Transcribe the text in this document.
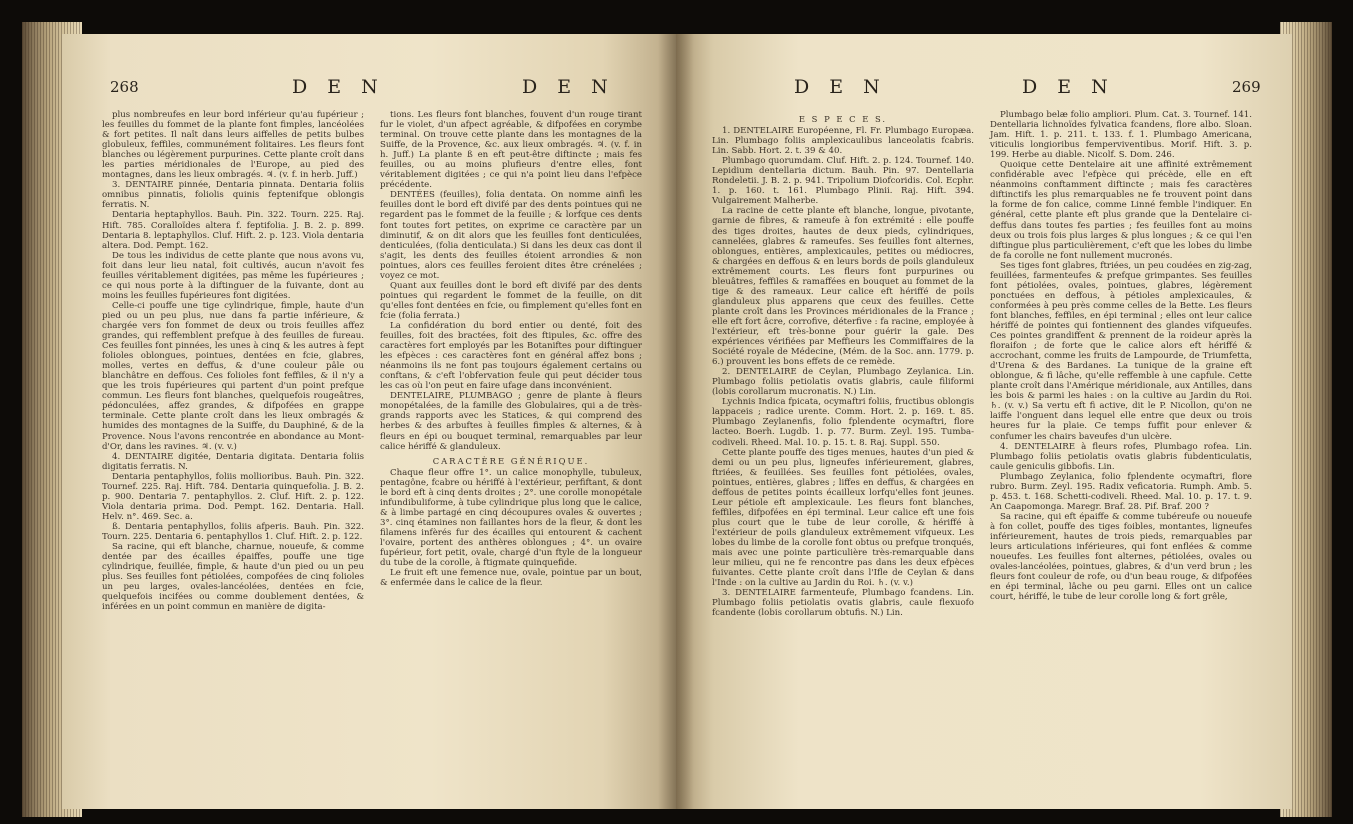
268	D E N	D E N

plus nombreufes en leur bord inférieur qu'au fupérieur ; les feuilles du fommet de la plante font fimples, lancéolées & fort petites. Il naît dans leurs aiffelles de petits bulbes globuleux, feffiles, communément folitaires. Les fleurs font blanches ou légèrement purpurines. Cette plante croît dans les parties méridionales de l'Europe, au pied des montagnes, dans les lieux ombragés. ♃. (v. f. in herb. Juff.)

3. DENTAIRE pinnée, Dentaria pinnata. Dentaria foliis omnibus pinnatis, foliolis quinis feptenifque oblongis ferratis. N.

Dentaria heptaphyllos. Bauh. Pin. 322. Tourn. 225. Raj. Hift. 785. Coralloïdes altera f. feptifolia. J. B. 2. p. 899. Dentaria 8. leptaphyllos. Cluf. Hift. 2. p. 123. Viola dentaria altera. Dod. Pempt. 162.

De tous les individus de cette plante que nous avons vu, foit dans leur lieu natal, foit cultivés, aucun n'avoit fes feuilles véritablement digitées, pas même les fupérieures ; ce qui nous porte à la diftinguer de la fuivante, dont au moins les feuilles fupérieures font digitées.

Celle-ci pouffe une tige cylindrique, fimple, haute d'un pied ou un peu plus, nue dans fa partie inférieure, & chargée vers fon fommet de deux ou trois feuilles affez grandes, qui reffemblent prefque à des feuilles de fureau. Ces feuilles font pinnées, les unes à cinq & les autres à fept folioles oblongues, pointues, dentées en fcie, glabres, molles, vertes en deffus, & d'une couleur pâle ou blanchâtre en deffous. Ces folioles font feffiles, & il n'y a que les trois fupérieures qui partent d'un point prefque commun. Les fleurs font blanches, quelquefois rougeâtres, pédonculées, affez grandes, & difpofées en grappe terminale. Cette plante croît dans les lieux ombragés & humides des montagnes de la Suiffe, du Dauphiné, & de la Provence. Nous l'avons rencontrée en abondance au Mont-d'Or, dans les ravines. ♃. (v. v.)

4. DENTAIRE digitée, Dentaria digitata. Dentaria foliis digitatis ferratis. N.

Dentaria pentaphyllos, foliis mollioribus. Bauh. Pin. 322. Tournef. 225. Raj. Hift. 784. Dentaria quinquefolia. J. B. 2. p. 900. Dentaria 7. pentaphyllos. 2. Cluf. Hift. 2. p. 122. Viola dentaria prima. Dod. Pempt. 162. Dentaria. Hall. Helv. n°. 469. Sec. a.

ß. Dentaria pentaphyllos, foliis afperis. Bauh. Pin. 322. Tourn. 225. Dentaria 6. pentaphyllos 1. Cluf. Hift. 2. p. 122.

Sa racine, qui eft blanche, charnue, noueufe, & comme dentée par des écailles épaiffes, pouffe une tige cylindrique, feuillée, fimple, & haute d'un pied ou un peu plus. Ses feuilles font pétiolées, compofées de cinq folioles un peu larges, ovales-lancéolées, dentées en fcie, quelquefois incifées ou comme doublement dentées, & inférées en un point commun en manière de digita-

tions. Les fleurs font blanches, fouvent d'un rouge tirant fur le violet, d'un afpect agréable, & difpofées en corymbe terminal. On trouve cette plante dans les montagnes de la Suiffe, de la Provence, &c. aux lieux ombragés. ♃. (v. f. in h. Juff.) La plante ß en eft peut-être diftincte ; mais fes feuilles, ou au moins plufieurs d'entre elles, font véritablement digitées ; ce qui n'a point lieu dans l'efpèce précédente.

DENTÉES (feuilles), folia dentata. On nomme ainfi les feuilles dont le bord eft divifé par des dents pointues qui ne regardent pas le fommet de la feuille ; & lorfque ces dents font toutes fort petites, on exprime ce caractère par un diminutif, & on dit alors que les feuilles font denticulées, denticulées, (folia denticulata.) Si dans les deux cas dont il s'agit, les dents des feuilles étoient arrondies & non pointues, alors ces feuilles feroient dites être crénelées ; voyez ce mot.

Quant aux feuilles dont le bord eft divifé par des dents pointues qui regardent le fommet de la feuille, on dit qu'elles font dentées en fcie, ou fimplement qu'elles font en fcie (folia ferrata.)

La confidération du bord entier ou denté, foit des feuilles, foit des bractées, foit des ftipules, &c. offre des caractères fort employés par les Botaniftes pour diftinguer les efpèces : ces caractères font en général affez bons ; néanmoins ils ne font pas toujours également certains ou conftans, & c'eft l'obfervation feule qui peut décider tous les cas où l'on peut en faire ufage dans inconvénient.

DENTELAIRE, PLUMBAGO ; genre de plante à fleurs monopétalées, de la famille des Globulaires, qui a de très-grands rapports avec les Statices, & qui comprend des herbes & des arbuftes à feuilles fimples & alternes, & à fleurs en épi ou bouquet terminal, remarquables par leur calice hériffé & glanduleux.

CARACTÈRE GÉNÉRIQUE.

Chaque fleur offre 1°. un calice monophylle, tubuleux, pentagône, fcabre ou hériffé à l'extérieur, perfiftant, & dont le bord eft à cinq dents droites ; 2°. une corolle monopétale infundibuliforme, à tube cylindrique plus long que le calice, & à limbe partagé en cinq découpures ovales & ouvertes ; 3°. cinq étamines non faillantes hors de la fleur, & dont les filamens infèrés fur des écailles qui entourent & cachent l'ovaire, portent des anthères oblongues ; 4°. un ovaire fupérieur, fort petit, ovale, chargé d'un ftyle de la longueur du tube de la corolle, à ftigmate quinquefide.

Le fruit eft une femence nue, ovale, pointue par un bout, & enfermée dans le calice de la fleur.

D E N	D E N	269

E S P E C E S.

1. DENTELAIRE Européenne, Fl. Fr. Plumbago Europæa. Lin. Plumbago foliis amplexicaulibus lanceolatis fcabris. Lin. Sabb. Hort. 2. t. 39 & 40.

Plumbago quorumdam. Cluf. Hift. 2. p. 124. Tournef. 140. Lepidium dentellaria dictum. Bauh. Pin. 97. Dentellaria Rondeletii. J. B. 2. p. 941. Tripolium Diofcoridis. Col. Ecphr. 1. p. 160. t. 161. Plumbago Plinii. Raj. Hift. 394. Vulgairement Malherbe.

La racine de cette plante eft blanche, longue, pivotante, garnie de fibres, & rameufe à fon extrémité : elle pouffe des tiges droites, hautes de deux pieds, cylindriques, cannelées, glabres & rameufes. Ses feuilles font alternes, oblongues, entières, amplexicaules, petites ou médiocres, & chargées en deffous & en leurs bords de poils glanduleux extrêmement courts. Les fleurs font purpurines ou bleuâtres, feffiles & ramaffées en bouquet au fommet de la tige & des rameaux. Leur calice eft hériffé de poils glanduleux plus apparens que ceux des feuilles. Cette plante croît dans les Provinces méridionales de la France ; elle eft fort âcre, corrofive, déterfive : fa racine, employée à l'extérieur, eft très-bonne pour guérir la gale. Des expériences vérifiées par Meffieurs les Commiffaires de la Société royale de Médecine, (Mém. de la Soc. ann. 1779. p. 6.) prouvent les bons effets de ce remède.

2. DENTELAIRE de Ceylan, Plumbago Zeylanica. Lin. Plumbago foliis petiolatis ovatis glabris, caule filiformi (lobis corollarum mucronatis. N.) Lin.

Lychnis Indica fpicata, ocymaftri foliis, fructibus oblongis lappaceis ; radice urente. Comm. Hort. 2. p. 169. t. 85. Plumbago Zeylanenfis, folio fplendente ocymaftri, flore lacteo. Boerh. Lugdb. 1. p. 77. Burm. Zeyl. 195. Tumba-codiveli. Rheed. Mal. 10. p. 15. t. 8. Raj. Suppl. 550.

Cette plante pouffe des tiges menues, hautes d'un pied & demi ou un peu plus, ligneufes inférieurement, glabres, ftriées, & feuillées. Ses feuilles font pétiolées, ovales, pointues, entières, glabres ; liffes en deffus, & chargées en deffous de petites points écailleux lorfqu'elles font jeunes. Leur pétiole eft amplexicaule. Les fleurs font blanches, feffiles, difpofées en épi terminal. Leur calice eft une fois plus court que le tube de leur corolle, & hériffé à l'extérieur de poils glanduleux extrêmement vifqueux. Les lobes du limbe de la corolle font obtus ou prefque tronqués, mais avec une pointe particulière très-remarquable dans leur milieu, qui ne fe rencontre pas dans les deux efpèces fuivantes. Cette plante croît dans l'Ifle de Ceylan & dans l'Inde : on la cultive au Jardin du Roi. ♄. (v. v.)

3. DENTELAIRE farmenteufe, Plumbago fcandens. Lin. Plumbago foliis petiolatis ovatis glabris, caule flexuofo fcandente (lobis corollarum obtufis. N.) Lin.

Plumbago belæ folio ampliori. Plum. Cat. 3. Tournef. 141. Dentellaria lichnoïdes fylvatica fcandens, flore albo. Sloan. Jam. Hift. 1. p. 211. t. 133. f. 1. Plumbago Americana, viticulis longioribus femperviventibus. Morif. Hift. 3. p. 199. Herbe au diable. Nicolf. S. Dom. 246.

Quoique cette Dentelaire ait une affinité extrêmement confidérable avec l'efpèce qui précède, elle en eft néanmoins conftamment diftincte ; mais fes caractères diftinctifs les plus remarquables ne fe trouvent point dans la forme de fon calice, comme Linné femble l'indiquer. En général, cette plante eft plus grande que la Dentelaire ci-deffus dans toutes fes parties ; fes feuilles font au moins deux ou trois fois plus larges & plus longues ; & ce qui l'en diftingue plus particulièrement, c'eft que les lobes du limbe de fa corolle ne font nullement mucronés.

Ses tiges font glabres, ftriées, un peu coudées en zig-zag, feuillées, farmenteufes & prefque grimpantes. Ses feuilles font pétiolées, ovales, pointues, glabres, légèrement ponctuées en deffous, à pétioles amplexicaules, & conformées à peu près comme celles de la Bette. Les fleurs font blanches, feffiles, en épi terminal ; elles ont leur calice hériffé de pointes qui fontiennent des glandes vifqueufes. Ces pointes grandiffent & prennent de la roideur après la floraifon ; de forte que le calice alors eft hériffé & accrochant, comme les fruits de Lampourde, de Triumfetta, d'Urena & des Bardanes. La tunique de la graine eft oblongue, & fi lâche, qu'elle reffemble à une capfule. Cette plante croît dans l'Amérique méridionale, aux Antilles, dans les bois & parmi les haies : on la cultive au Jardin du Roi. ♄. (v. v.) Sa vertu eft fi active, dit le P. Nicollon, qu'on ne laiffe l'onguent dans lequel elle entre que deux ou trois heures fur la plaie. Ce temps fuffit pour enlever & confumer les chairs baveufes d'un ulcère.

4. DENTELAIRE à fleurs rofes, Plumbago rofea. Lin. Plumbago foliis petiolatis ovatis glabris fubdenticulatis, caule geniculis gibbofis. Lin.

Plumbago Zeylanica, folio fplendente ocymaftri, flore rubro. Burm. Zeyl. 195. Radix veficatoria. Rumph. Amb. 5. p. 453. t. 168. Schetti-codiveli. Rheed. Mal. 10. p. 17. t. 9. An Caapomonga. Maregr. Braf. 28. Pif. Braf. 200 ?

Sa racine, qui eft épaiffe & comme tubéreufe ou noueufe à fon collet, pouffe des tiges foibles, montantes, ligneufes inférieurement, hautes de trois pieds, remarquables par leurs articulations inférieures, qui font enflées & comme noueufes. Les feuilles font alternes, pétiolées, ovales ou ovales-lancéolées, pointues, glabres, & d'un verd brun ; les fleurs font couleur de rofe, ou d'un beau rouge, & difpofées en épi terminal, lâche ou peu garni. Elles ont un calice court, hériffé, le tube de leur corolle long & fort grêle,
